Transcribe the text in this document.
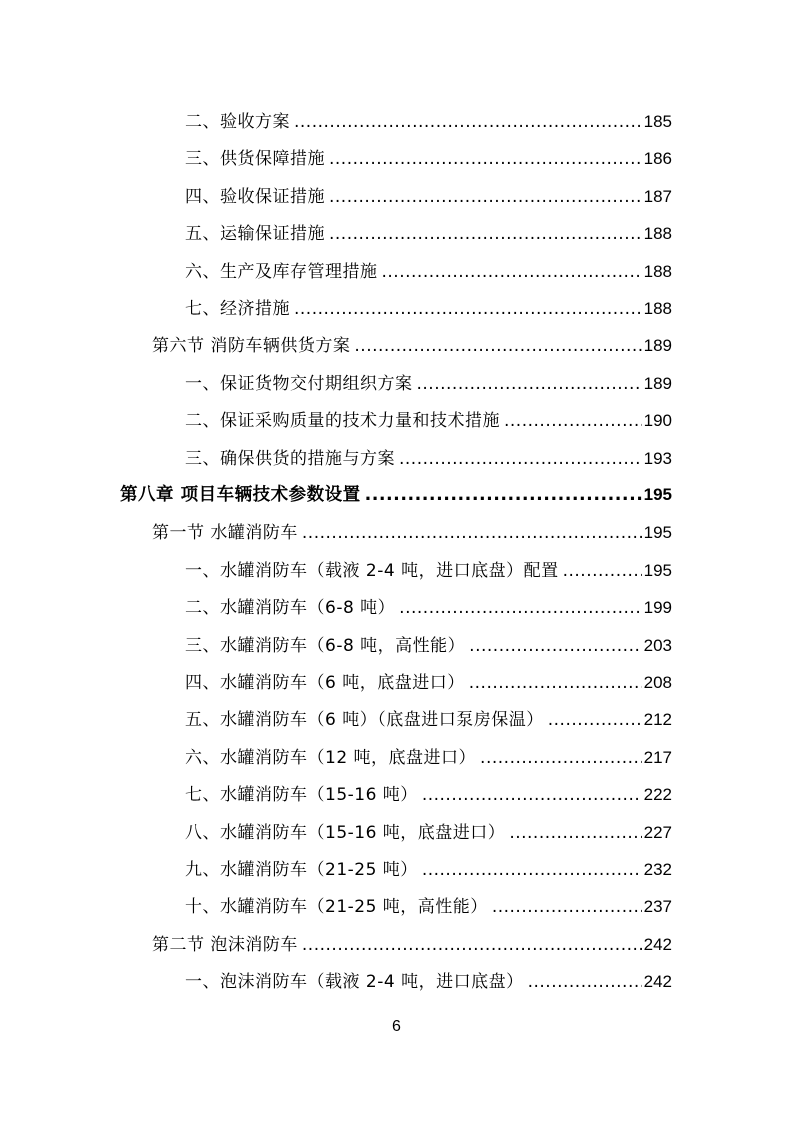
二、验收方案 .....	185
三、供货保障措施 .....	186
四、验收保证措施 .....	187
五、运输保证措施 .....	188
六、生产及库存管理措施 .....	188
七、经济措施 .....	188
第六节 消防车辆供货方案 .....	189
一、保证货物交付期组织方案 .....	189
二、保证采购质量的技术力量和技术措施 .....	190
三、确保供货的措施与方案 .....	193
第八章 项目车辆技术参数设置 .....	195
第一节 水罐消防车 .....	195
一、水罐消防车（载液 2-4 吨，进口底盘）配置 .....	195
二、水罐消防车（6-8 吨） .....	199
三、水罐消防车（6-8 吨，高性能） .....	203
四、水罐消防车（6 吨，底盘进口） .....	208
五、水罐消防车（6 吨）（底盘进口泵房保温） .....	212
六、水罐消防车（12 吨，底盘进口） .....	217
七、水罐消防车（15-16 吨） .....	222
八、水罐消防车（15-16 吨，底盘进口） .....	227
九、水罐消防车（21-25 吨） .....	232
十、水罐消防车（21-25 吨，高性能） .....	237
第二节 泡沫消防车 .....	242
一、泡沫消防车（载液 2-4 吨，进口底盘） .....	242
6
